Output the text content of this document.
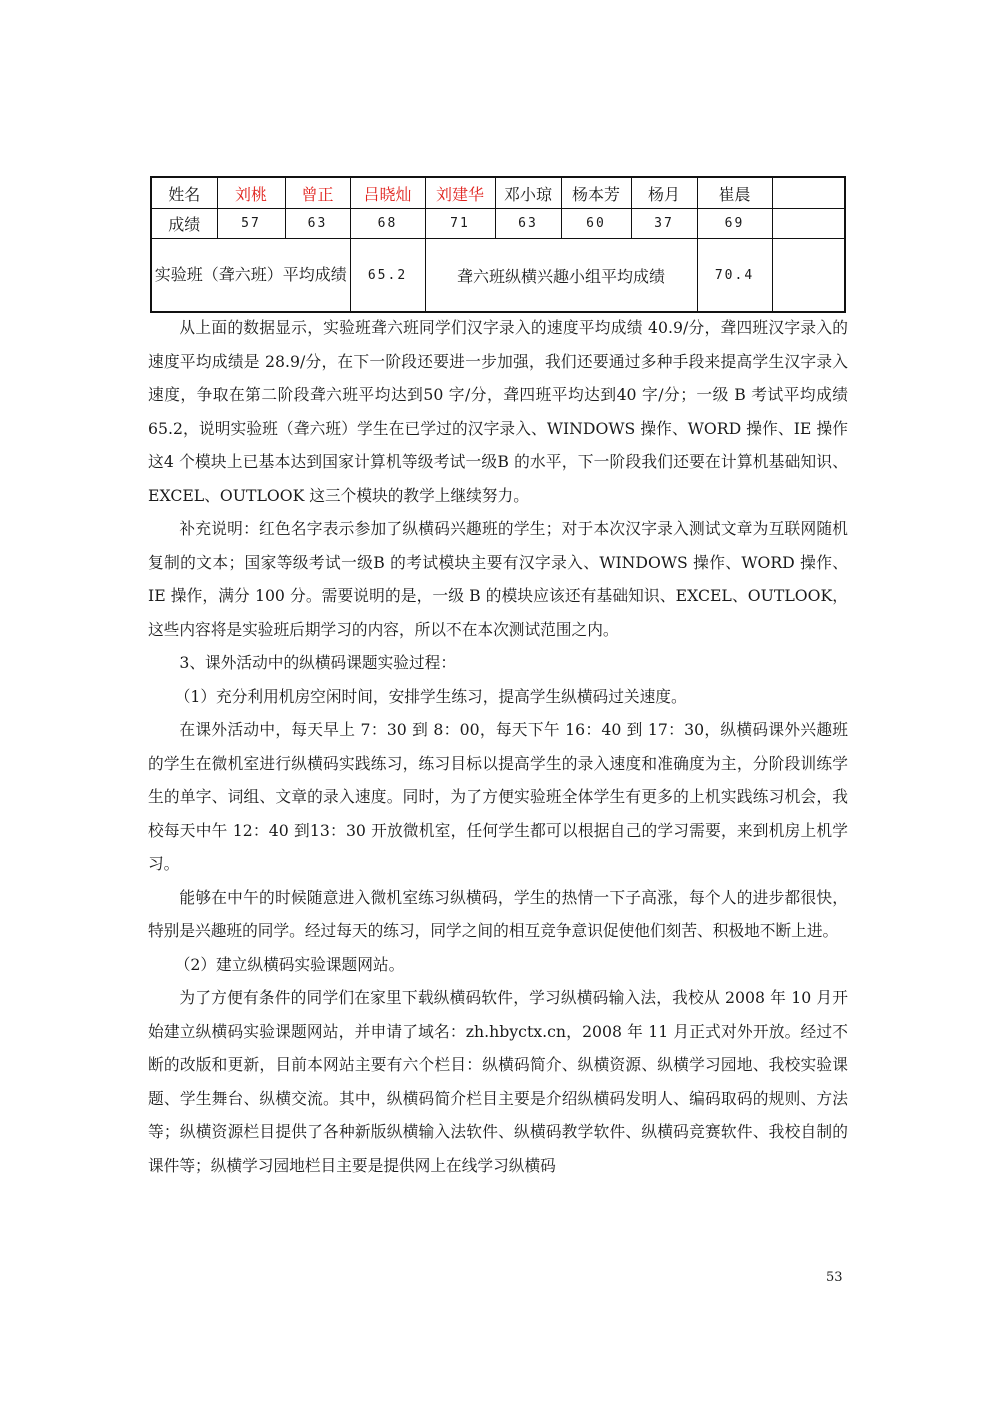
姓名	刘桃	曾正	吕晓灿	刘建华	邓小琼	杨本芳	杨月	崔晨	
成绩	57	63	68	71	63	60	37	69	
实验班（聋六班）平均成绩			65.2	聋六班纵横兴趣小组平均成绩				70.4	

从上面的数据显示，实验班聋六班同学们汉字录入的速度平均成绩 40.9/分，聋四班汉字录入的速度平均成绩是 28.9/分，在下一阶段还要进一步加强，我们还要通过多种手段来提高学生汉字录入速度，争取在第二阶段聋六班平均达到50 字/分，聋四班平均达到40 字/分；一级 B 考试平均成绩 65.2，说明实验班（聋六班）学生在已学过的汉字录入、WINDOWS 操作、WORD 操作、IE 操作这4 个模块上已基本达到国家计算机等级考试一级B 的水平，下一阶段我们还要在计算机基础知识、EXCEL、OUTLOOK 这三个模块的教学上继续努力。

补充说明：红色名字表示参加了纵横码兴趣班的学生；对于本次汉字录入测试文章为互联网随机复制的文本；国家等级考试一级B 的考试模块主要有汉字录入、WINDOWS 操作、WORD 操作、IE 操作，满分 100 分。需要说明的是，一级 B 的模块应该还有基础知识、EXCEL、OUTLOOK，这些内容将是实验班后期学习的内容，所以不在本次测试范围之内。

3、课外活动中的纵横码课题实验过程：

（1）充分利用机房空闲时间，安排学生练习，提高学生纵横码过关速度。

在课外活动中，每天早上 7：30 到 8：00，每天下午 16：40 到 17：30，纵横码课外兴趣班的学生在微机室进行纵横码实践练习，练习目标以提高学生的录入速度和准确度为主，分阶段训练学生的单字、词组、文章的录入速度。同时，为了方便实验班全体学生有更多的上机实践练习机会，我校每天中午 12：40 到13：30 开放微机室，任何学生都可以根据自己的学习需要，来到机房上机学习。

能够在中午的时候随意进入微机室练习纵横码，学生的热情一下子高涨，每个人的进步都很快，特别是兴趣班的同学。经过每天的练习，同学之间的相互竞争意识促使他们刻苦、积极地不断上进。

（2）建立纵横码实验课题网站。

为了方便有条件的同学们在家里下载纵横码软件，学习纵横码输入法，我校从 2008 年 10 月开始建立纵横码实验课题网站，并申请了域名：zh.hbyctx.cn，2008 年 11 月正式对外开放。经过不断的改版和更新，目前本网站主要有六个栏目：纵横码简介、纵横资源、纵横学习园地、我校实验课题、学生舞台、纵横交流。其中，纵横码简介栏目主要是介绍纵横码发明人、编码取码的规则、方法等；纵横资源栏目提供了各种新版纵横输入法软件、纵横码教学软件、纵横码竞赛软件、我校自制的课件等；纵横学习园地栏目主要是提供网上在线学习纵横码

53
